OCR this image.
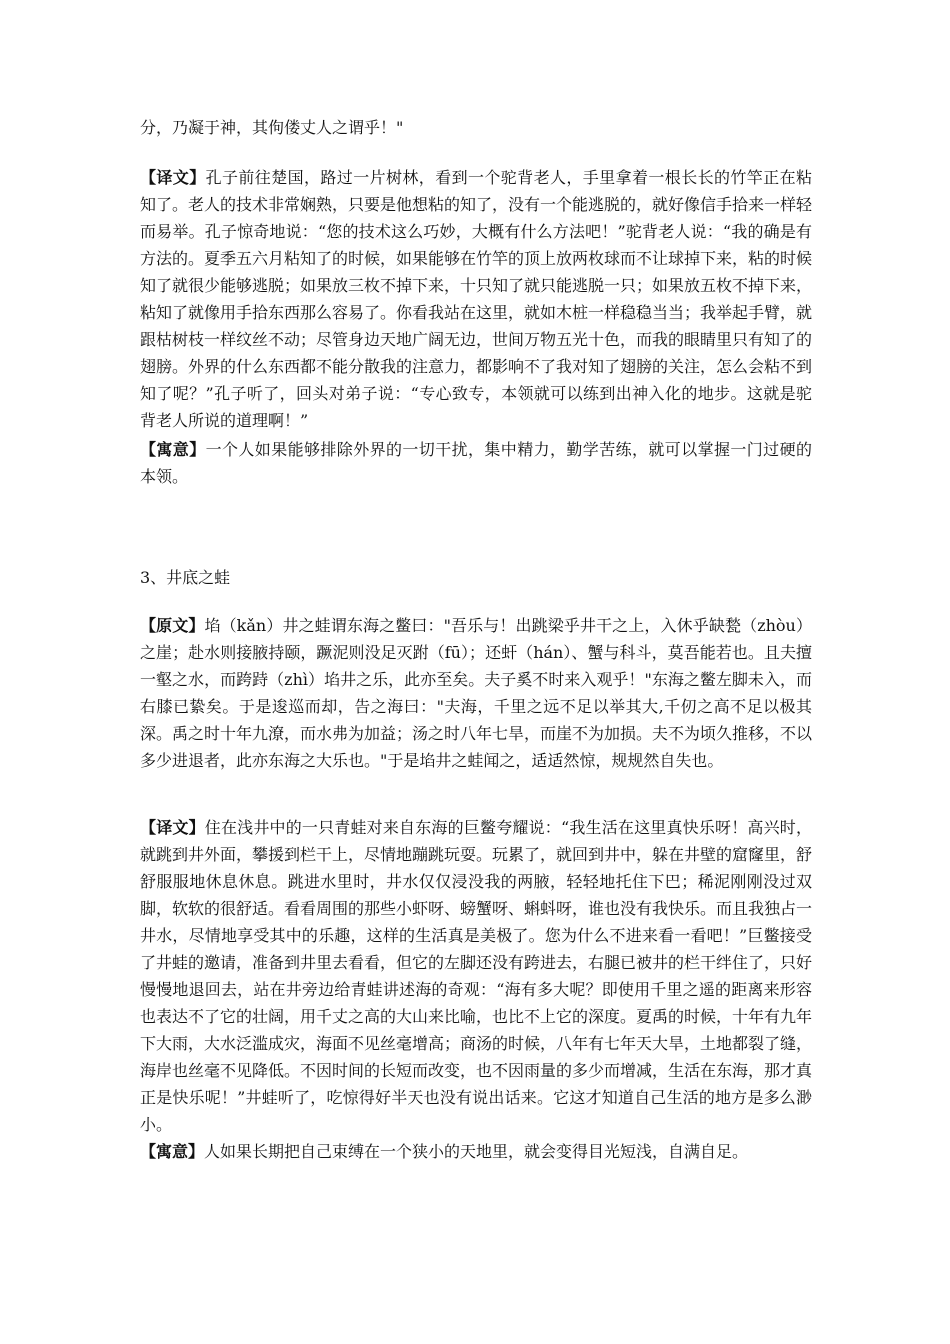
分，乃凝于神，其佝偻丈人之谓乎！"

【译文】孔子前往楚国，路过一片树林，看到一个驼背老人，手里拿着一根长长的竹竿正在粘知了。老人的技术非常娴熟，只要是他想粘的知了，没有一个能逃脱的，就好像信手拾来一样轻而易举。孔子惊奇地说：“您的技术这么巧妙，大概有什么方法吧！”驼背老人说：“我的确是有方法的。夏季五六月粘知了的时候，如果能够在竹竿的顶上放两枚球而不让球掉下来，粘的时候知了就很少能够逃脱；如果放三枚不掉下来，十只知了就只能逃脱一只；如果放五枚不掉下来，粘知了就像用手拾东西那么容易了。你看我站在这里，就如木桩一样稳稳当当；我举起手臂，就跟枯树枝一样纹丝不动；尽管身边天地广阔无边，世间万物五光十色，而我的眼睛里只有知了的翅膀。外界的什么东西都不能分散我的注意力，都影响不了我对知了翅膀的关注，怎么会粘不到知了呢？”孔子听了，回头对弟子说：“专心致专，本领就可以练到出神入化的地步。这就是驼背老人所说的道理啊！”

【寓意】一个人如果能够排除外界的一切干扰，集中精力，勤学苦练，就可以掌握一门过硬的本领。

3、井底之蛙

【原文】埳（kǎn）井之蛙谓东海之鳖曰："吾乐与！出跳梁乎井干之上，入休乎缺甃（zhòu）之崖；赴水则接腋持颐，蹶泥则没足灭跗（fū）；还虷（hán）、蟹与科斗，莫吾能若也。且夫擅一壑之水，而跨跱（zhì）埳井之乐，此亦至矣。夫子奚不时来入观乎！"东海之鳖左脚未入，而右膝已絷矣。于是逡巡而却，告之海曰："夫海，千里之远不足以举其大,千仞之高不足以极其深。禹之时十年九潦，而水弗为加益；汤之时八年七旱，而崖不为加损。夫不为顷久推移，不以多少进退者，此亦东海之大乐也。"于是埳井之蛙闻之，适适然惊，规规然自失也。

【译文】住在浅井中的一只青蛙对来自东海的巨鳖夸耀说：“我生活在这里真快乐呀！高兴时，就跳到井外面，攀援到栏干上，尽情地蹦跳玩耍。玩累了，就回到井中，躲在井壁的窟窿里，舒舒服服地休息休息。跳进水里时，井水仅仅浸没我的两腋，轻轻地托住下巴；稀泥刚刚没过双脚，软软的很舒适。看看周围的那些小虾呀、螃蟹呀、蝌蚪呀，谁也没有我快乐。而且我独占一井水，尽情地享受其中的乐趣，这样的生活真是美极了。您为什么不进来看一看吧！”巨鳖接受了井蛙的邀请，准备到井里去看看，但它的左脚还没有跨进去，右腿已被井的栏干绊住了，只好慢慢地退回去，站在井旁边给青蛙讲述海的奇观：“海有多大呢？即使用千里之遥的距离来形容也表达不了它的壮阔，用千丈之高的大山来比喻，也比不上它的深度。夏禹的时候，十年有九年下大雨，大水泛滥成灾，海面不见丝毫增高；商汤的时候，八年有七年天大旱，土地都裂了缝，海岸也丝毫不见降低。不因时间的长短而改变，也不因雨量的多少而增减，生活在东海，那才真正是快乐呢！”井蛙听了，吃惊得好半天也没有说出话来。它这才知道自己生活的地方是多么渺小。

【寓意】人如果长期把自己束缚在一个狭小的天地里，就会变得目光短浅，自满自足。
